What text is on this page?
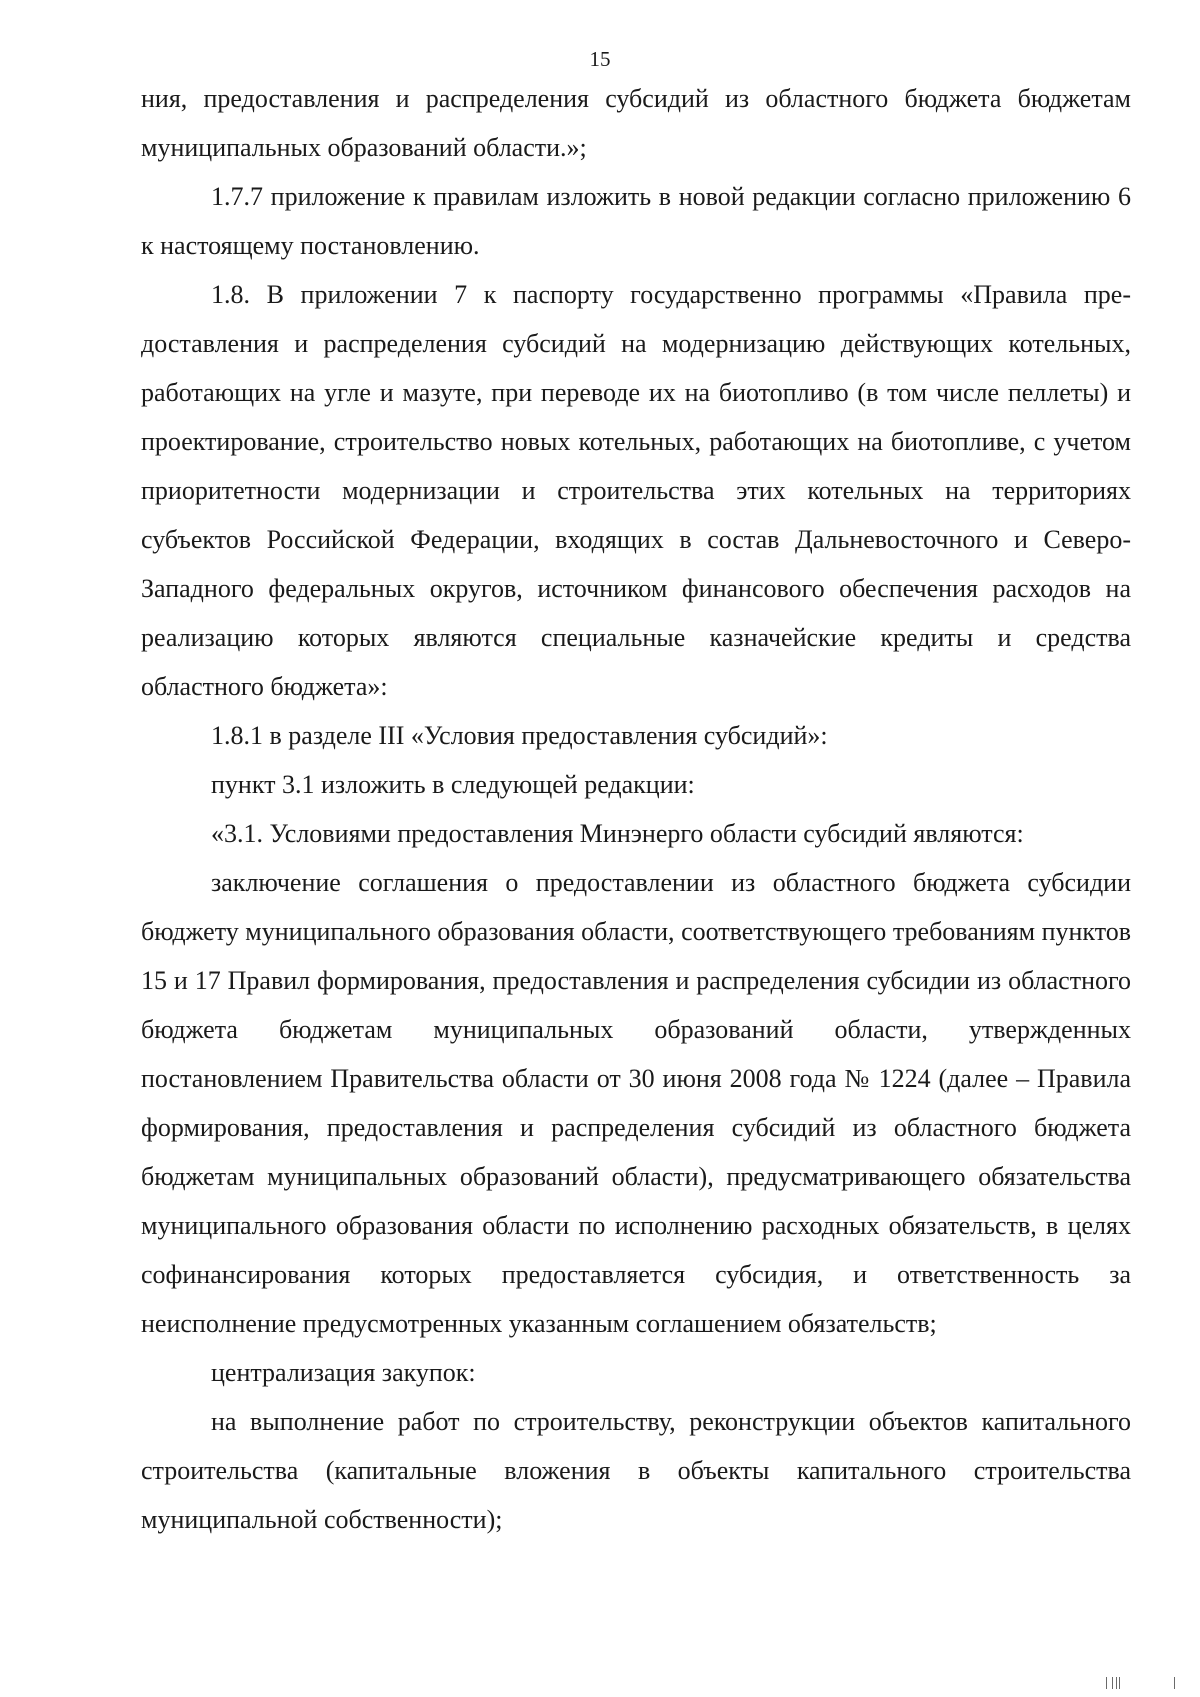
15

ния, предоставления и распределения субсидий из областного бюджета бюджетам муниципальных образований области.»;

1.7.7 приложение к правилам изложить в новой редакции согласно приложению 6 к настоящему постановлению.

1.8. В приложении 7 к паспорту государственно программы «Правила предоставления и распределения субсидий на модернизацию действующих котельных, работающих на угле и мазуте, при переводе их на биотопливо (в том числе пеллеты) и проектирование, строительство новых котельных, работающих на биотопливе, с учетом приоритетности модернизации и строительства этих котельных на территориях субъектов Российской Федерации, входящих в состав Дальневосточного и Северо-Западного федеральных округов, источником финансового обеспечения расходов на реализацию которых являются специальные казначейские кредиты и средства областного бюджета»:

1.8.1 в разделе III «Условия предоставления субсидий»:

пункт 3.1 изложить в следующей редакции:

«3.1. Условиями предоставления Минэнерго области субсидий являются:

заключение соглашения о предоставлении из областного бюджета субсидии бюджету муниципального образования области, соответствующего требованиям пунктов 15 и 17 Правил формирования, предоставления и распределения субсидии из областного бюджета бюджетам муниципальных образований области, утвержденных постановлением Правительства области от 30 июня 2008 года № 1224 (далее – Правила формирования, предоставления и распределения субсидий из областного бюджета бюджетам муниципальных образований области), предусматривающего обязательства муниципального образования области по исполнению расходных обязательств, в целях софинансирования которых предоставляется субсидия, и ответственность за неисполнение предусмотренных указанным соглашением обязательств;

централизация закупок:

на выполнение работ по строительству, реконструкции объектов капитального строительства (капитальные вложения в объекты капитального строительства муниципальной собственности);
